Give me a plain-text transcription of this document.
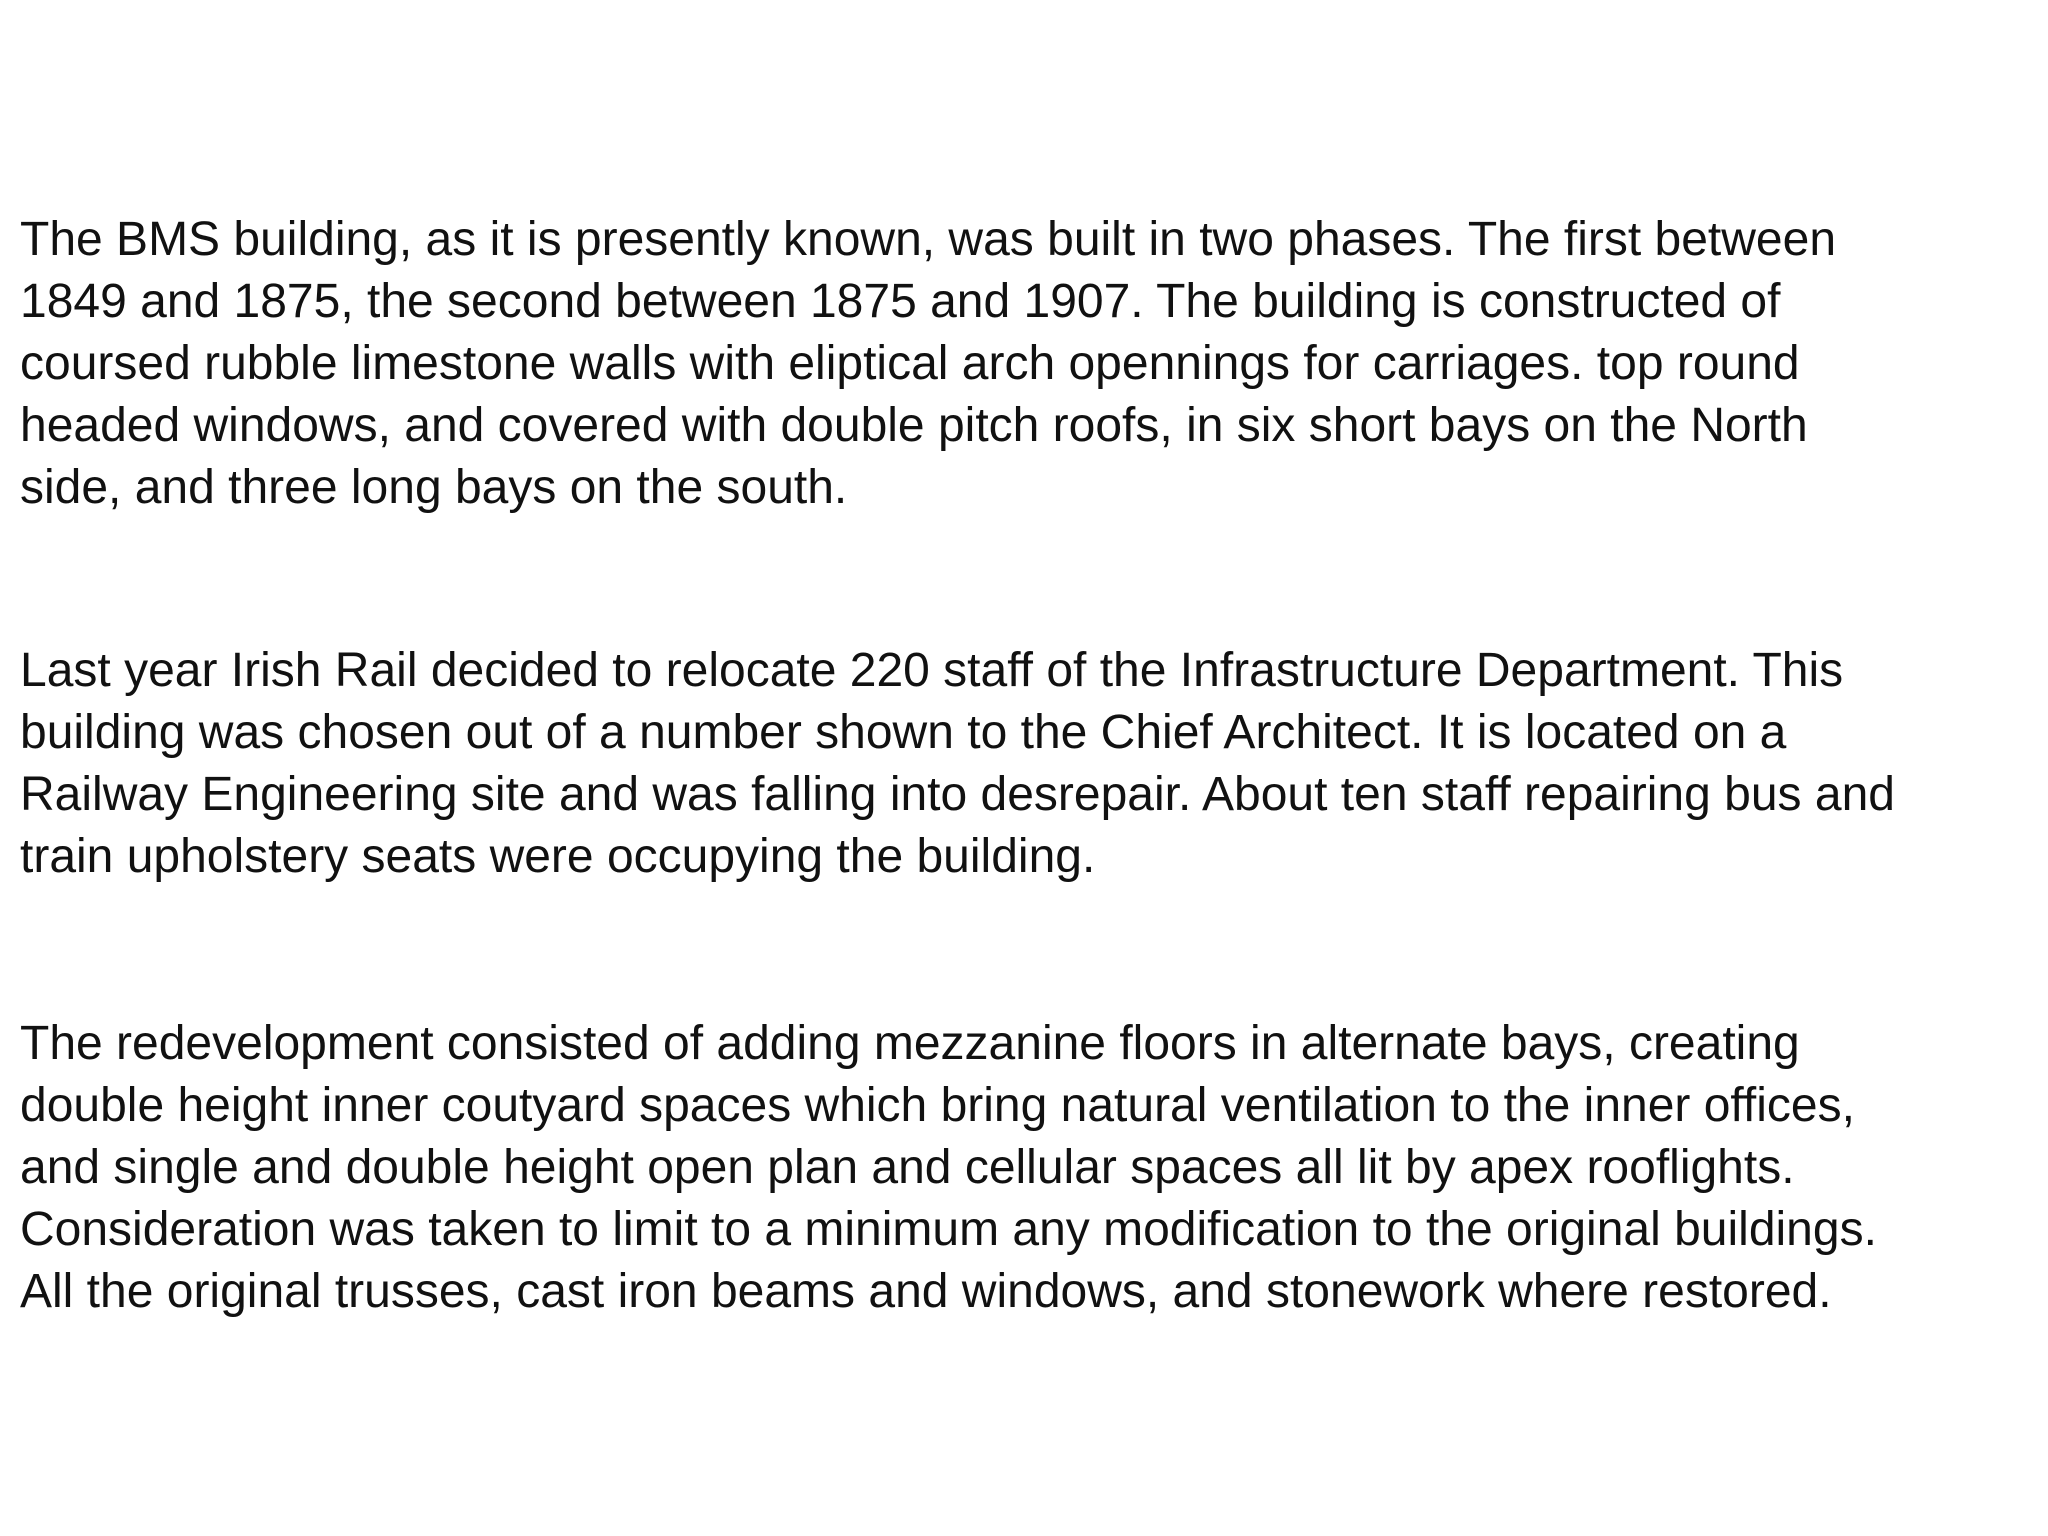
The BMS building, as it is presently known, was built in two phases. The first between
1849 and 1875, the second between 1875 and 1907. The building is constructed of
coursed rubble limestone walls with eliptical arch opennings for carriages. top round
headed windows, and covered with double pitch roofs, in six short bays on the North
side, and three long bays on the south.

Last year Irish Rail decided to relocate 220 staff of the Infrastructure Department. This
building was chosen out of a number shown to the Chief Architect. It is located on a
Railway Engineering site and was falling into desrepair. About ten staff repairing bus and
train upholstery seats were occupying the building.

The redevelopment consisted of adding mezzanine floors in alternate bays, creating
double height inner coutyard spaces which bring natural ventilation to the inner offices,
and single and double height open plan and cellular spaces all lit by apex rooflights.
Consideration was taken to limit to a minimum any modification to the original buildings.
All the original trusses, cast iron beams and windows, and stonework where restored.
